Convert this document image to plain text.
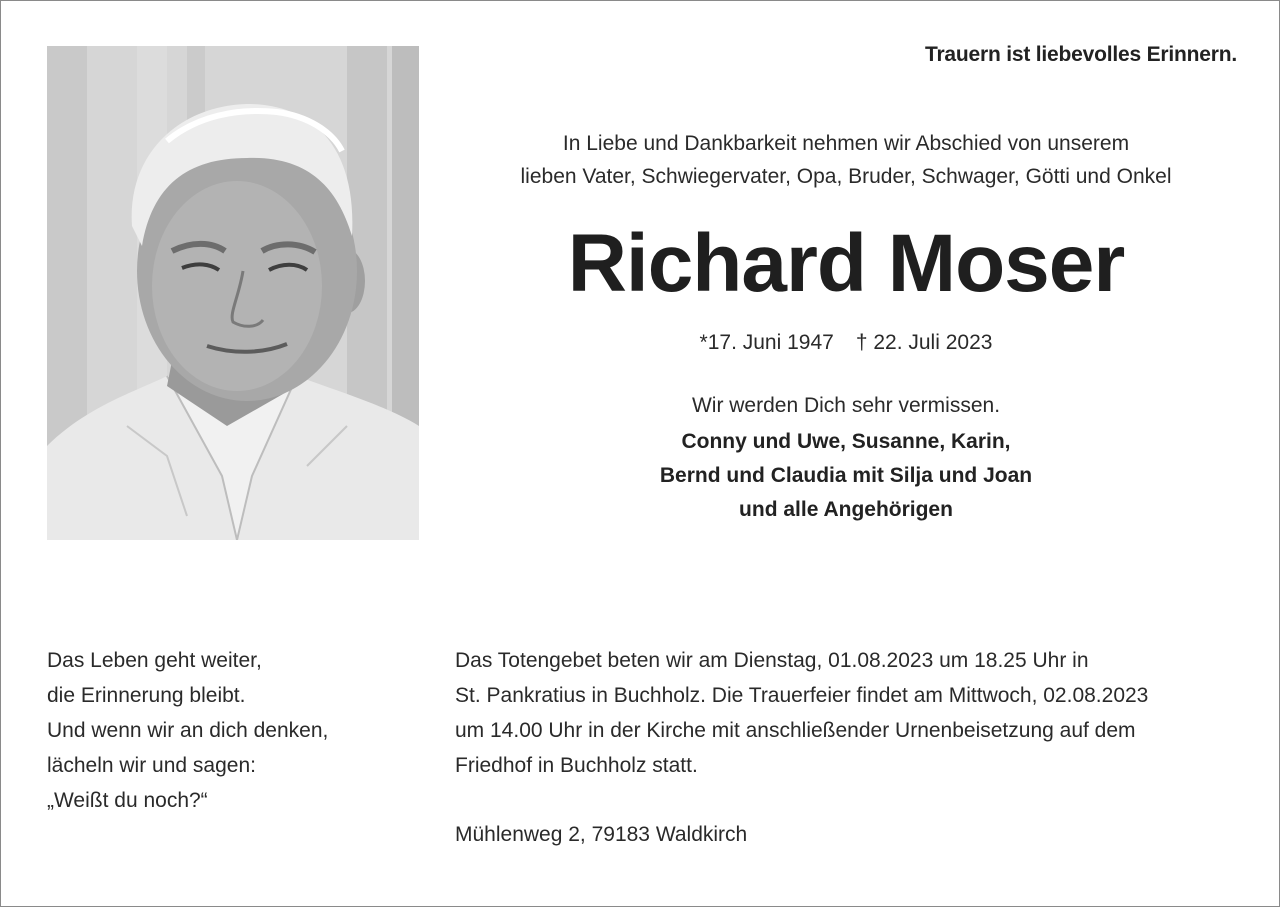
Trauern ist liebevolles Erinnern.
In Liebe und Dankbarkeit nehmen wir Abschied von unserem
lieben Vater, Schwiegervater, Opa, Bruder, Schwager, Götti und Onkel
Richard Moser
*17. Juni 1947 † 22. Juli 2023
Wir werden Dich sehr vermissen.
Conny und Uwe, Susanne, Karin,
Bernd und Claudia mit Silja und Joan
und alle Angehörigen
Das Leben geht weiter,
die Erinnerung bleibt.
Und wenn wir an dich denken,
lächeln wir und sagen:
„Weißt du noch?“
Das Totengebet beten wir am Dienstag, 01.08.2023 um 18.25 Uhr in
St. Pankratius in Buchholz. Die Trauerfeier findet am Mittwoch, 02.08.2023
um 14.00 Uhr in der Kirche mit anschließender Urnenbeisetzung auf dem
Friedhof in Buchholz statt.
Mühlenweg 2, 79183 Waldkirch
